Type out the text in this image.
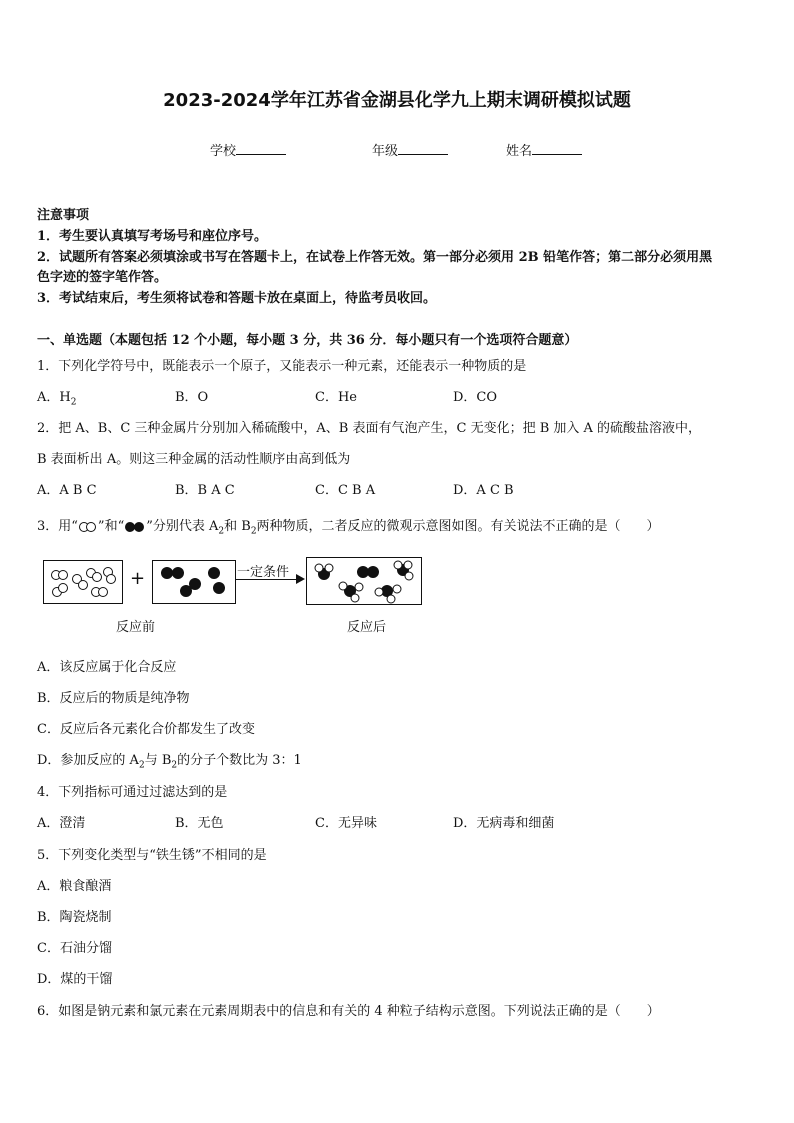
2023-2024学年江苏省金湖县化学九上期末调研模拟试题
学校	年级	姓名
注意事项
1．考生要认真填写考场号和座位序号。
2．试题所有答案必须填涂或书写在答题卡上，在试卷上作答无效。第一部分必须用 2B 铅笔作答；第二部分必须用黑
色字迹的签字笔作答。
3．考试结束后，考生须将试卷和答题卡放在桌面上，待监考员收回。
一、单选题（本题包括 12 个小题，每小题 3 分，共 36 分．每小题只有一个选项符合题意）
1．下列化学符号中，既能表示一个原子，又能表示一种元素，还能表示一种物质的是
A．$H_2$	B．O	C．He	D．CO
2．把 A、B、C 三种金属片分别加入稀硫酸中，A、B 表面有气泡产生，C 无变化；把 B 加入 A 的硫酸盐溶液中，
B 表面析出 A。则这三种金属的活动性顺序由高到低为
A．A B C	B．B A C	C．C B A	D．A C B
3．用“ ”和“ ”分别代表 $A_2$和 $B_2$两种物质，二者反应的微观示意图如图。有关说法不正确的是（　　）
+	一定条件
反应前	反应后
A．该反应属于化合反应
B．反应后的物质是纯净物
C．反应后各元素化合价都发生了改变
D．参加反应的 $A_2$与 $B_2$的分子个数比为 3：1
4．下列指标可通过过滤达到的是
A．澄清	B．无色	C．无异味	D．无病毒和细菌
5．下列变化类型与“铁生锈”不相同的是
A．粮食酿酒
B．陶瓷烧制
C．石油分馏
D．煤的干馏
6．如图是钠元素和氯元素在元素周期表中的信息和有关的 4 种粒子结构示意图。下列说法正确的是（　　）
